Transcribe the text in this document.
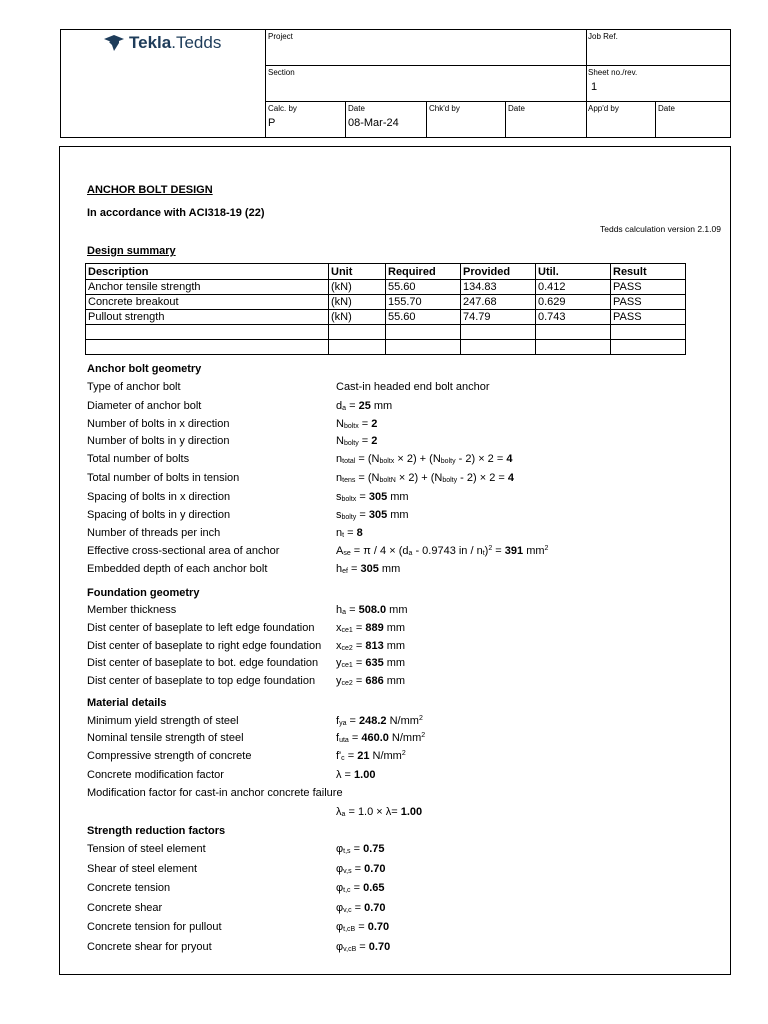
Tekla . Tedds	Project	Job Ref.
Section	Sheet no./rev.
1
Calc. by
P
Date
08-Mar-24
Chk'd by	Date	App'd by	Date
ANCHOR BOLT DESIGN
In accordance with ACI318-19 (22)
Tedds calculation version 2.1.09
Design summary
Description	Unit	Required	Provided	Util.	Result
Anchor tensile strength	(kN)	55.60	134.83	0.412	PASS
Concrete breakout	(kN)	155.70	247.68	0.629	PASS
Pullout strength	(kN)	55.60	74.79	0.743	PASS

Anchor bolt geometry
Type of anchor bolt	Cast-in headed end bolt anchor
Diameter of anchor bolt	$d_a = 25$ mm
Number of bolts in x direction	$N_{boltx} = 2$
Number of bolts in y direction	$N_{bolty} = 2$
Total number of bolts	$n_{total} = (N_{boltx} \times 2) + (N_{bolty} - 2) \times 2 = 4$
Total number of bolts in tension	$n_{tens} = (N_{boltN} \times 2) + (N_{bolty} - 2) \times 2 = 4$
Spacing of bolts in x direction	$s_{boltx} = 305$ mm
Spacing of bolts in y direction	$s_{bolty} = 305$ mm
Number of threads per inch	$n_t = 8$
Effective cross-sectional area of anchor	$A_{se} = \pi / 4 \times (d_a - 0.9743$ in / $n_t)^2 = 391$ $mm^2$
Embedded depth of each anchor bolt	$h_{ef} = 305$ mm
Foundation geometry
Member thickness	$h_a = 508.0$ mm
Dist center of baseplate to left edge foundation $x_{ce1} = 889$ mm
Dist center of baseplate to right edge foundation $x_{ce2} = 813$ mm
Dist center of baseplate to bot. edge foundation $y_{ce1} = 635$ mm
Dist center of baseplate to top edge foundation $y_{ce2} = 686$ mm
Material details
Minimum yield strength of steel	$f_{ya} = 248.2$ $N/mm^2$
Nominal tensile strength of steel	$f_{uta} = 460.0$ $N/mm^2$
Compressive strength of concrete	$f'_c = 21$ $N/mm^2$
Concrete modification factor	λ = 1.00
Modification factor for cast-in anchor concrete failure
$\lambda_a = 1.0 \times \lambda= 1.00$
Strength reduction factors
Tension of steel element	$\varphi_{t,s} = 0.75$
Shear of steel element	$\varphi_{v,s} = 0.70$
Concrete tension	$\varphi_{t,c} = 0.65$
Concrete shear	$\varphi_{v,c} = 0.70$
Concrete tension for pullout	$\varphi_{t,cB} = 0.70$
Concrete shear for pryout	$\varphi_{v,cB} = 0.70$
